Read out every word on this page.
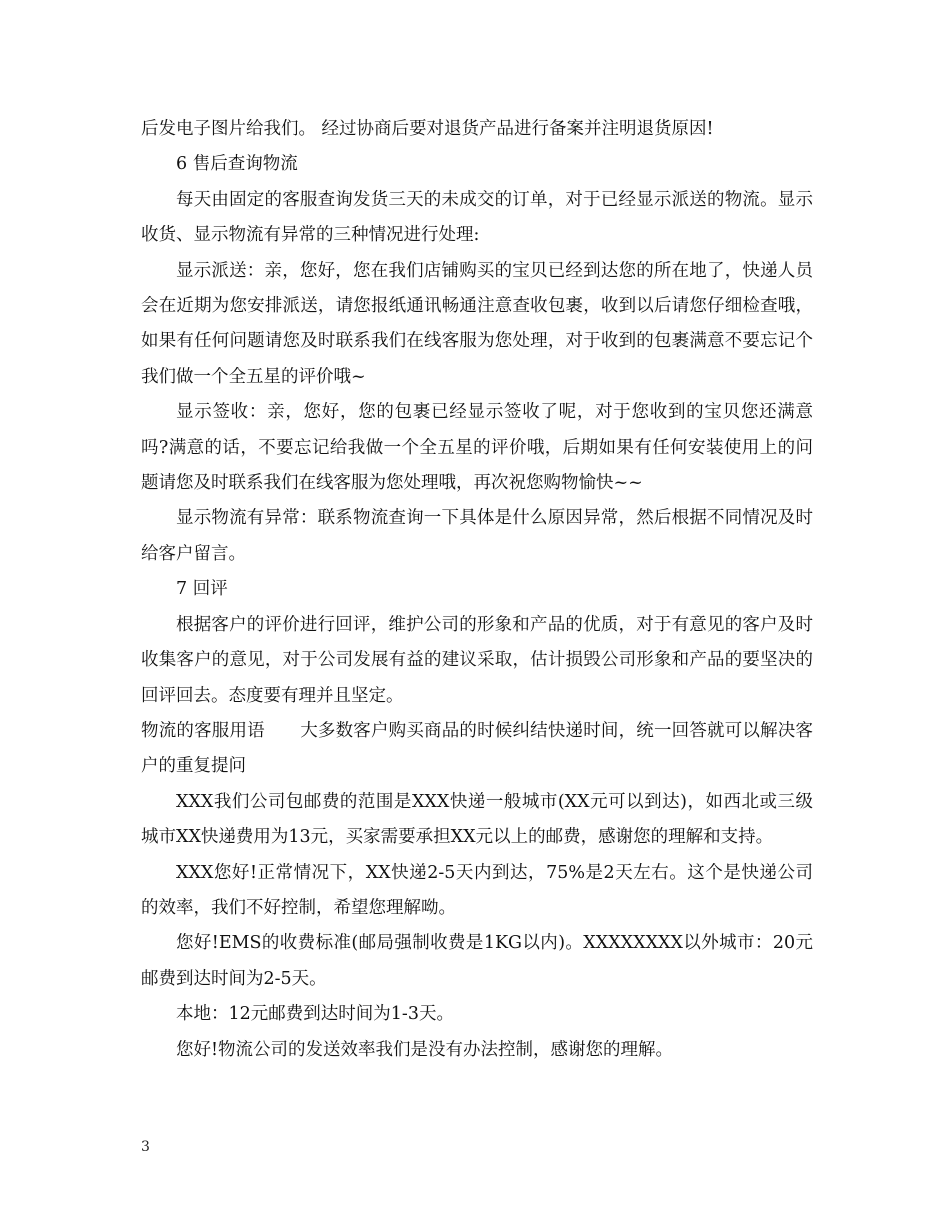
后发电子图片给我们。 经过协商后要对退货产品进行备案并注明退货原因!

6 售后查询物流

每天由固定的客服查询发货三天的未成交的订单，对于已经显示派送的物流。显示收货、显示物流有异常的三种情况进行处理:

显示派送：亲，您好，您在我们店铺购买的宝贝已经到达您的所在地了，快递人员会在近期为您安排派送，请您报纸通讯畅通注意查收包裹，收到以后请您仔细检查哦，如果有任何问题请您及时联系我们在线客服为您处理，对于收到的包裹满意不要忘记个我们做一个全五星的评价哦~

显示签收：亲，您好，您的包裹已经显示签收了呢，对于您收到的宝贝您还满意吗?满意的话，不要忘记给我做一个全五星的评价哦，后期如果有任何安装使用上的问题请您及时联系我们在线客服为您处理哦，再次祝您购物愉快~~

显示物流有异常：联系物流查询一下具体是什么原因异常，然后根据不同情况及时给客户留言。

7 回评

根据客户的评价进行回评，维护公司的形象和产品的优质，对于有意见的客户及时收集客户的意见，对于公司发展有益的建议采取，估计损毁公司形象和产品的要坚决的回评回去。态度要有理并且坚定。

物流的客服用语　　大多数客户购买商品的时候纠结快递时间，统一回答就可以解决客户的重复提问

XXX我们公司包邮费的范围是XXX快递一般城市(XX元可以到达)，如西北或三级城市XX快递费用为13元，买家需要承担XX元以上的邮费，感谢您的理解和支持。

XXX您好!正常情况下，XX快递2-5天内到达，75%是2天左右。这个是快递公司的效率，我们不好控制，希望您理解呦。

您好!EMS的收费标准(邮局强制收费是1KG以内)。XXXXXXXX以外城市：20元邮费到达时间为2-5天。

本地：12元邮费到达时间为1-3天。

您好!物流公司的发送效率我们是没有办法控制，感谢您的理解。

3
